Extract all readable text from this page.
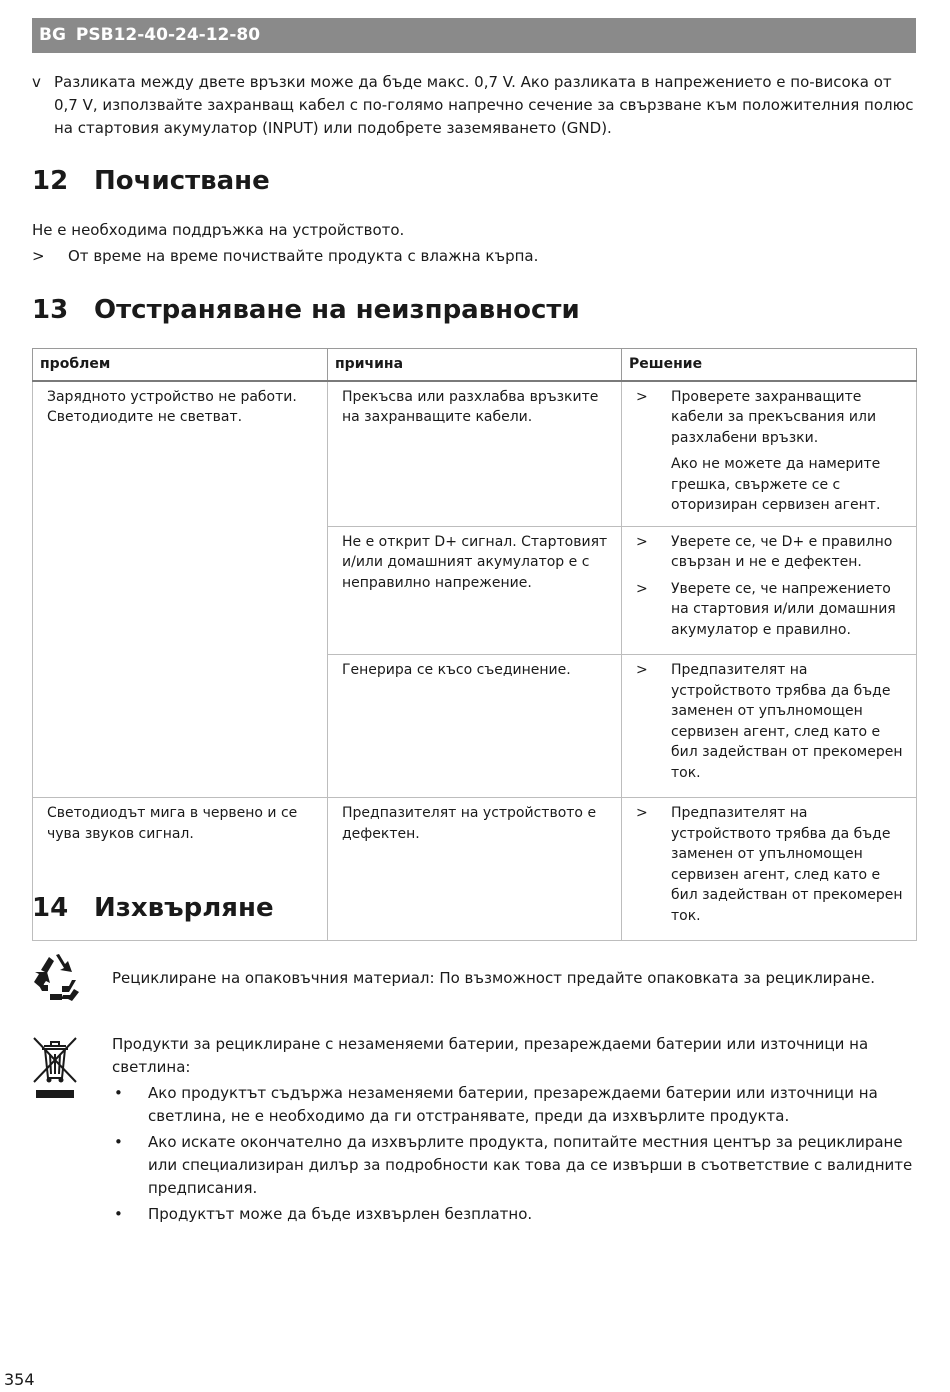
BG PSB12-40-24-12-80
v Разликата между двете връзки може да бъде макс. 0,7 V. Ако разликата в напрежението е по-висока от 0,7 V, използвайте захранващ кабел с по-голямо напречно сечение за свързване към положителния полюс на стартовия акумулатор (INPUT) или подобрете заземяването (GND).
12 Почистване
Не е необходима поддръжка на устройството.
> От време на време почиствайте продукта с влажна кърпа.
13 Отстраняване на неизправности
проблем	причина	Решение
Зарядното устройство не работи. Светодиодите не светват.	Прекъсва или разхлабва връзките на захранващите кабели.	> Проверете захранващите кабели за прекъсвания или разхлабени връзки.
Ако не можете да намерите грешка, свържете се с оторизиран сервизен агент.

	Не е открит D+ сигнал. Стартовият и/или домашният акумулатор е с неправилно напрежение.	> Уверете се, че D+ е правилно свързан и не е дефектен.
> Уверете се, че напрежението на стартовия и/или домашния акумулатор е правилно.

	Генерира се късо съединение.	> Предпазителят на устройството трябва да бъде заменен от упълномощен сервизен агент, след като е бил задействан от прекомерен ток.

Светодиодът мига в червено и се чува звуков сигнал.	Предпазителят на устройството е дефектен.	> Предпазителят на устройството трябва да бъде заменен от упълномощен сервизен агент, след като е бил задействан от прекомерен ток.
14 Изхвърляне
Рециклиране на опаковъчния материал: По възможност предайте опаковката за рециклиране.
Продукти за рециклиране с незаменяеми батерии, презареждаеми батерии или източници на светлина:
• Ако продуктът съдържа незаменяеми батерии, презареждаеми батерии или източници на светлина, не е необходимо да ги отстранявате, преди да изхвърлите продукта.
• Ако искате окончателно да изхвърлите продукта, попитайте местния център за рециклиране или специализиран дилър за подробности как това да се извърши в съответствие с валидните предписания.
• Продуктът може да бъде изхвърлен безплатно.
354
